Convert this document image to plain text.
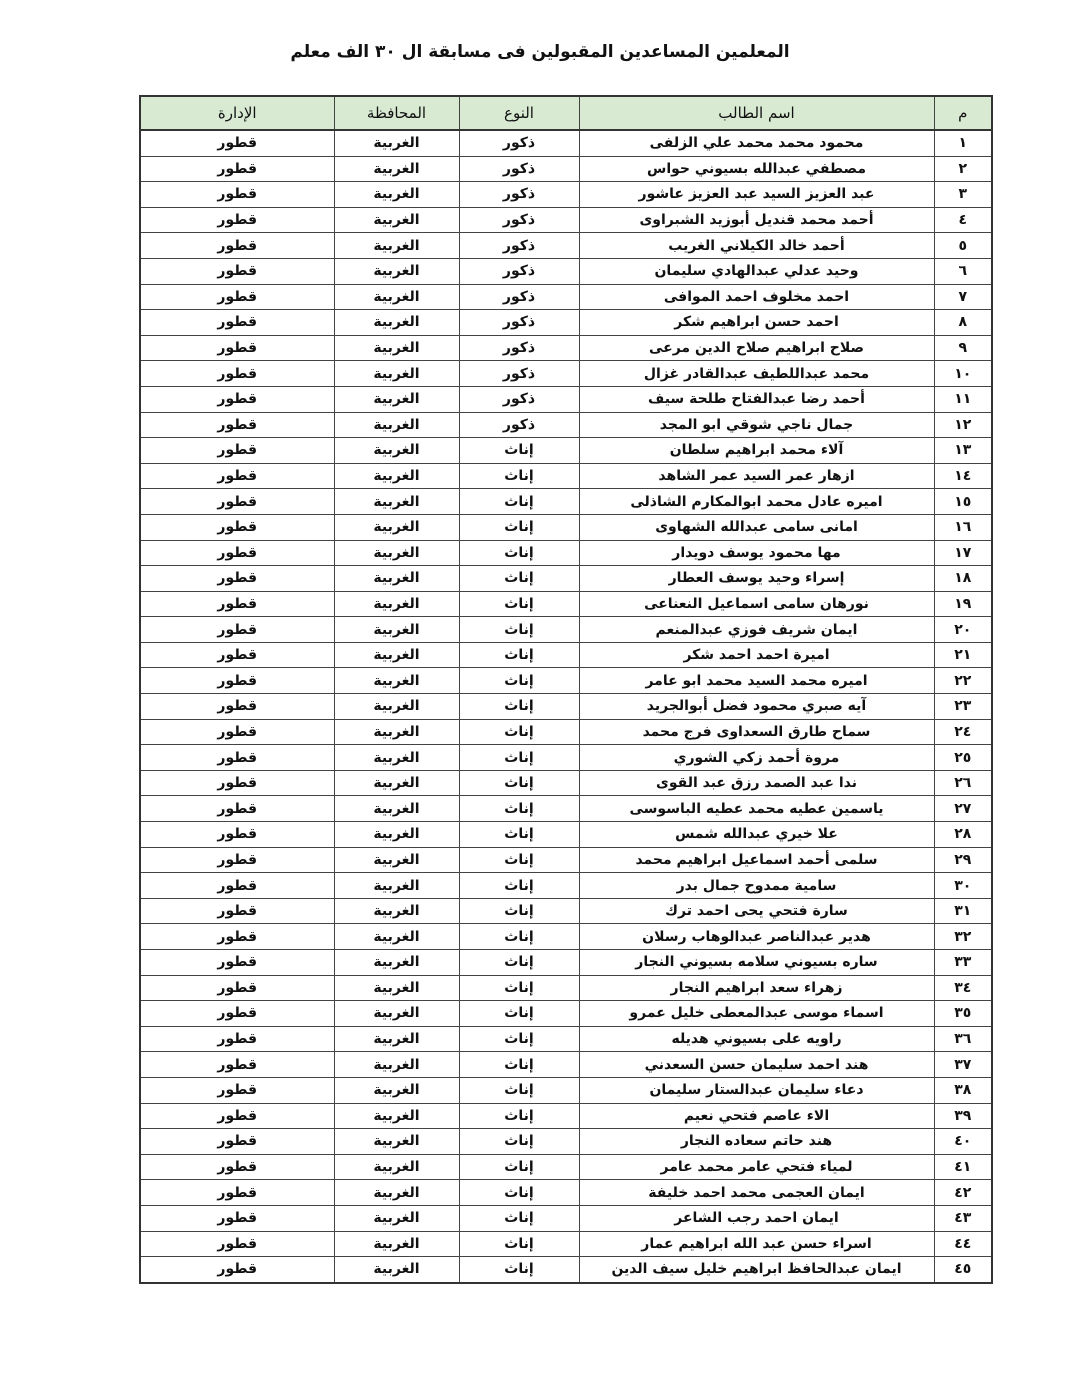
المعلمين المساعدين المقبولين فى مسابقة ال ٣٠ الف معلم
م	اسم الطالب	النوع	المحافظة	الإدارة
١	محمود محمد محمد علي الزلفى	ذكور	الغربية	قطور
٢	مصطفي عبدالله بسيوني حواس	ذكور	الغربية	قطور
٣	عبد العزيز السيد عبد العزيز عاشور	ذكور	الغربية	قطور
٤	أحمد محمد قنديل أبوزيد الشبراوى	ذكور	الغربية	قطور
٥	أحمد خالد الكيلاني الغريب	ذكور	الغربية	قطور
٦	وحيد عدلي عبدالهادي سليمان	ذكور	الغربية	قطور
٧	احمد مخلوف احمد الموافى	ذكور	الغربية	قطور
٨	احمد حسن ابراهيم شكر	ذكور	الغربية	قطور
٩	صلاح ابراهيم صلاح الدين مرعى	ذكور	الغربية	قطور
١٠	محمد عبداللطيف عبدالقادر غزال	ذكور	الغربية	قطور
١١	أحمد رضا عبدالفتاح طلحة سيف	ذكور	الغربية	قطور
١٢	جمال ناجي شوقي ابو المجد	ذكور	الغربية	قطور
١٣	آلاء محمد ابراهيم سلطان	إناث	الغربية	قطور
١٤	ازهار عمر السيد عمر الشاهد	إناث	الغربية	قطور
١٥	اميره عادل محمد ابوالمكارم الشاذلى	إناث	الغربية	قطور
١٦	امانى سامى عبدالله الشهاوى	إناث	الغربية	قطور
١٧	مها محمود يوسف دويدار	إناث	الغربية	قطور
١٨	إسراء وحيد يوسف العطار	إناث	الغربية	قطور
١٩	نورهان سامى اسماعيل النعناعى	إناث	الغربية	قطور
٢٠	ايمان شريف فوزي عبدالمنعم	إناث	الغربية	قطور
٢١	اميرة احمد احمد شكر	إناث	الغربية	قطور
٢٢	اميره محمد السيد محمد ابو عامر	إناث	الغربية	قطور
٢٣	آيه صبري محمود فضل أبوالجريد	إناث	الغربية	قطور
٢٤	سماح طارق السعداوى فرج محمد	إناث	الغربية	قطور
٢٥	مروة أحمد زكي الشوري	إناث	الغربية	قطور
٢٦	ندا عبد الصمد رزق عبد القوى	إناث	الغربية	قطور
٢٧	ياسمين عطيه محمد عطيه الباسوسى	إناث	الغربية	قطور
٢٨	علا خيري عبدالله شمس	إناث	الغربية	قطور
٢٩	سلمى أحمد اسماعيل ابراهيم محمد	إناث	الغربية	قطور
٣٠	سامية ممدوح جمال بدر	إناث	الغربية	قطور
٣١	سارة فتحي يحى احمد ترك	إناث	الغربية	قطور
٣٢	هدير عبدالناصر عبدالوهاب رسلان	إناث	الغربية	قطور
٣٣	ساره بسيوني سلامه بسيوني النجار	إناث	الغربية	قطور
٣٤	زهراء سعد ابراهيم النجار	إناث	الغربية	قطور
٣٥	اسماء موسى عبدالمعطى خليل عمرو	إناث	الغربية	قطور
٣٦	راويه على بسيوني هديله	إناث	الغربية	قطور
٣٧	هند احمد سليمان حسن السعدني	إناث	الغربية	قطور
٣٨	دعاء سليمان عبدالستار سليمان	إناث	الغربية	قطور
٣٩	الاء عاصم فتحي نعيم	إناث	الغربية	قطور
٤٠	هند حاتم سعاده النجار	إناث	الغربية	قطور
٤١	لمياء فتحي عامر محمد عامر	إناث	الغربية	قطور
٤٢	ايمان العجمى محمد احمد خليفة	إناث	الغربية	قطور
٤٣	ايمان احمد رجب الشاعر	إناث	الغربية	قطور
٤٤	اسراء حسن عبد الله ابراهيم عمار	إناث	الغربية	قطور
٤٥	ايمان عبدالحافظ ابراهيم خليل سيف الدين	إناث	الغربية	قطور
